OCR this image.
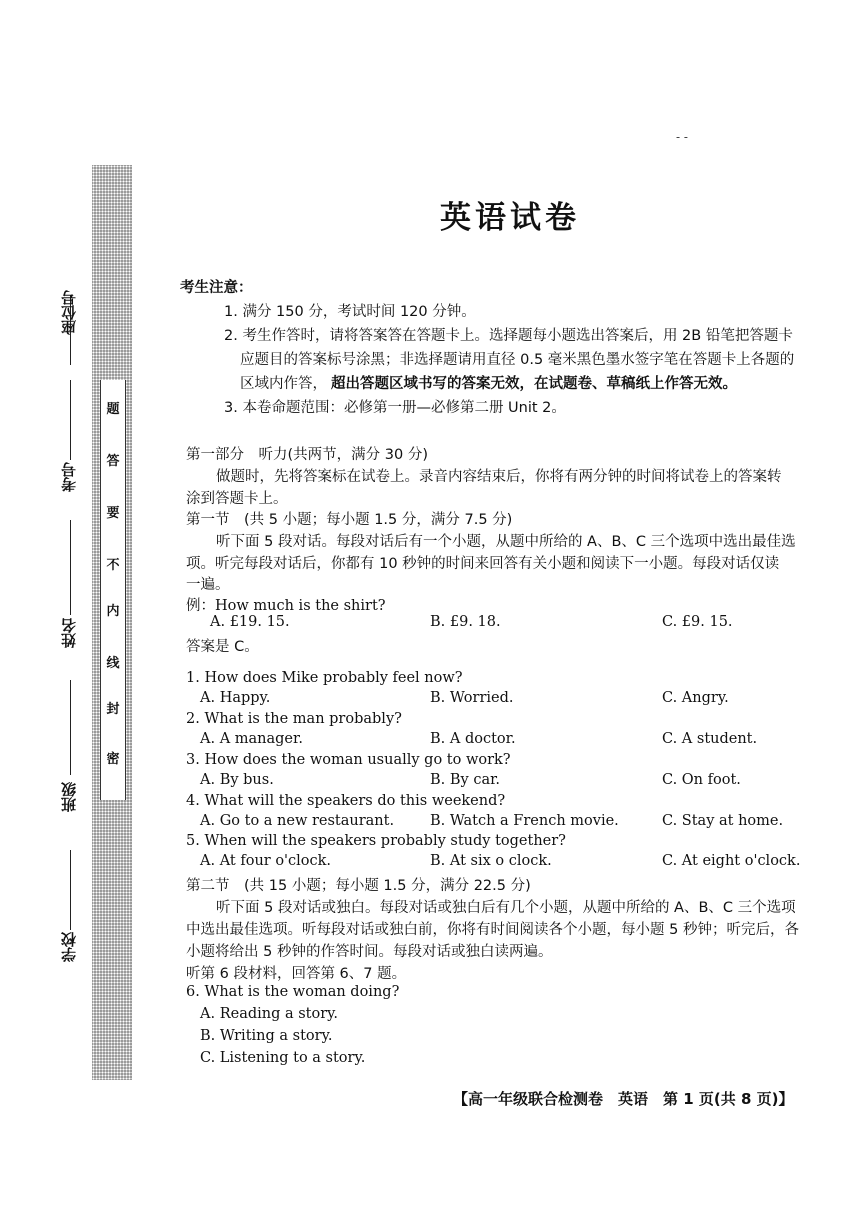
座位号
考号
姓名
班级
学校
题
答
要
不
内
线
封
密
- -
英语试卷
考生注意：
1. 满分 150 分，考试时间 120 分钟。
2. 考生作答时，请将答案答在答题卡上。选择题每小题选出答案后，用 2B 铅笔把答题卡
应题目的答案标号涂黑；非选择题请用直径 0.5 毫米黑色墨水签字笔在答题卡上各题的
区域内作答， 超出答题区域书写的答案无效，在试题卷、草稿纸上作答无效。
3. 本卷命题范围：必修第一册—必修第二册 Unit 2。
第一部分　听力(共两节，满分 30 分)
做题时，先将答案标在试卷上。录音内容结束后，你将有两分钟的时间将试卷上的答案转
涂到答题卡上。
第一节　(共 5 小题；每小题 1.5 分，满分 7.5 分)
听下面 5 段对话。每段对话后有一个小题，从题中所给的 A、B、C 三个选项中选出最佳选
项。听完每段对话后，你都有 10 秒钟的时间来回答有关小题和阅读下一小题。每段对话仅读
一遍。
例：How much is the shirt?
A. £19. 15.	B. £9. 18.	C. £9. 15.
答案是 C。
1. How does Mike probably feel now?
A. Happy.	B. Worried.	C. Angry.
2. What is the man probably?
A. A manager.	B. A doctor.	C. A student.
3. How does the woman usually go to work?
A. By bus.	B. By car.	C. On foot.
4. What will the speakers do this weekend?
A. Go to a new restaurant. B. Watch a French movie.	C. Stay at home.
5. When will the speakers probably study together?
A. At four o'clock.	B. At six o clock.	C. At eight o'clock.
第二节　(共 15 小题；每小题 1.5 分，满分 22.5 分)
听下面 5 段对话或独白。每段对话或独白后有几个小题，从题中所给的 A、B、C 三个选项
中选出最佳选项。听每段对话或独白前，你将有时间阅读各个小题，每小题 5 秒钟；听完后，各
小题将给出 5 秒钟的作答时间。每段对话或独白读两遍。
听第 6 段材料，回答第 6、7 题。
6. What is the woman doing?
A. Reading a story.
B. Writing a story.
C. Listening to a story.
【高一年级联合检测卷　英语　第 1 页(共 8 页)】
